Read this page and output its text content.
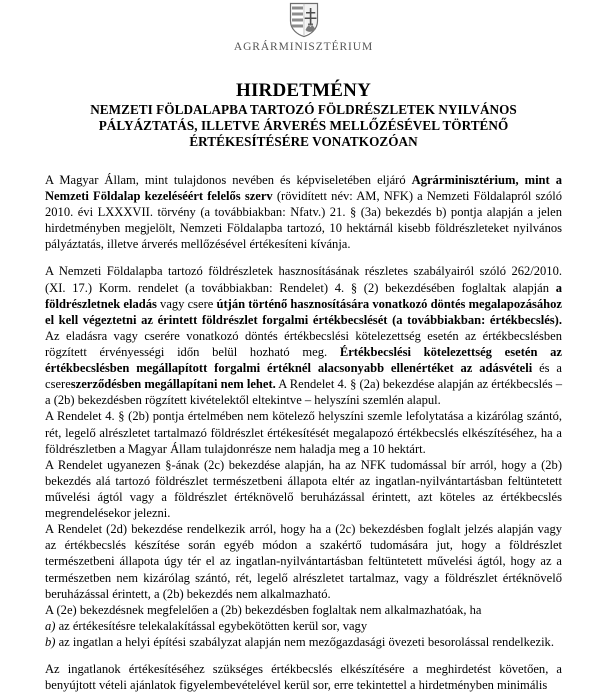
AGRÁRMINISZTÉRIUM
HIRDETMÉNY
NEMZETI FÖLDALAPBA TARTOZÓ FÖLDRÉSZLETEK NYILVÁNOS PÁLYÁZTATÁS, ILLETVE ÁRVERÉS MELLŐZÉSÉVEL TÖRTÉNŐ ÉRTÉKESÍTÉSÉRE VONATKOZÓAN

A Magyar Állam, mint tulajdonos nevében és képviseletében eljáró Agrárminisztérium, mint a Nemzeti Földalap kezeléséért felelős szerv (rövidített név: AM, NFK) a Nemzeti Földalapról szóló 2010. évi LXXXVII. törvény (a továbbiakban: Nfatv.) 21. § (3a) bekezdés b) pontja alapján a jelen hirdetményben megjelölt, Nemzeti Földalapba tartozó, 10 hektárnál kisebb földrészleteket nyilvános pályáztatás, illetve árverés mellőzésével értékesíteni kívánja.

A Nemzeti Földalapba tartozó földrészletek hasznosításának részletes szabályairól szóló 262/2010. (XI. 17.) Korm. rendelet (a továbbiakban: Rendelet) 4. § (2) bekezdésében foglaltak alapján a földrészletnek eladás vagy csere útján történő hasznosítására vonatkozó döntés megalapozásához el kell végeztetni az érintett földrészlet forgalmi értékbecslését (a továbbiakban: értékbecslés). Az eladásra vagy cserére vonatkozó döntés értékbecslési kötelezettség esetén az értékbecslésben rögzített érvényességi időn belül hozható meg. Értékbecslési kötelezettség esetén az értékbecslésben megállapított forgalmi értéknél alacsonyabb ellenértéket az adásvételi és a csereszerződésben megállapítani nem lehet. A Rendelet 4. § (2a) bekezdése alapján az értékbecslés – a (2b) bekezdésben rögzített kivételektől eltekintve – helyszíni szemlén alapul.

A Rendelet 4. § (2b) pontja értelmében nem kötelező helyszíni szemle lefolytatása a kizárólag szántó, rét, legelő alrészletet tartalmazó földrészlet értékesítését megalapozó értékbecslés elkészítéséhez, ha a földrészletben a Magyar Állam tulajdonrésze nem haladja meg a 10 hektárt.

A Rendelet ugyanezen §-ának (2c) bekezdése alapján, ha az NFK tudomással bír arról, hogy a (2b) bekezdés alá tartozó földrészlet természetbeni állapota eltér az ingatlan-nyilvántartásban feltüntetett művelési ágtól vagy a földrészlet értéknövelő beruházással érintett, azt köteles az értékbecslés megrendelésekor jelezni.

A Rendelet (2d) bekezdése rendelkezik arról, hogy ha a (2c) bekezdésben foglalt jelzés alapján vagy az értékbecslés készítése során egyéb módon a szakértő tudomására jut, hogy a földrészlet természetbeni állapota úgy tér el az ingatlan-nyilvántartásban feltüntetett művelési ágtól, hogy az a természetben nem kizárólag szántó, rét, legelő alrészletet tartalmaz, vagy a földrészlet értéknövelő beruházással érintett, a (2b) bekezdés nem alkalmazható.

A (2e) bekezdésnek megfelelően a (2b) bekezdésben foglaltak nem alkalmazhatóak, ha

a) az értékesítésre telekalakítással egybekötötten kerül sor, vagy

b) az ingatlan a helyi építési szabályzat alapján nem mezőgazdasági övezeti besorolással rendelkezik.

Az ingatlanok értékesítéséhez szükséges értékbecslés elkészítésére a meghirdetést követően, a benyújtott vételi ajánlatok figyelembevételével kerül sor, erre tekintettel a hirdetményben minimális
